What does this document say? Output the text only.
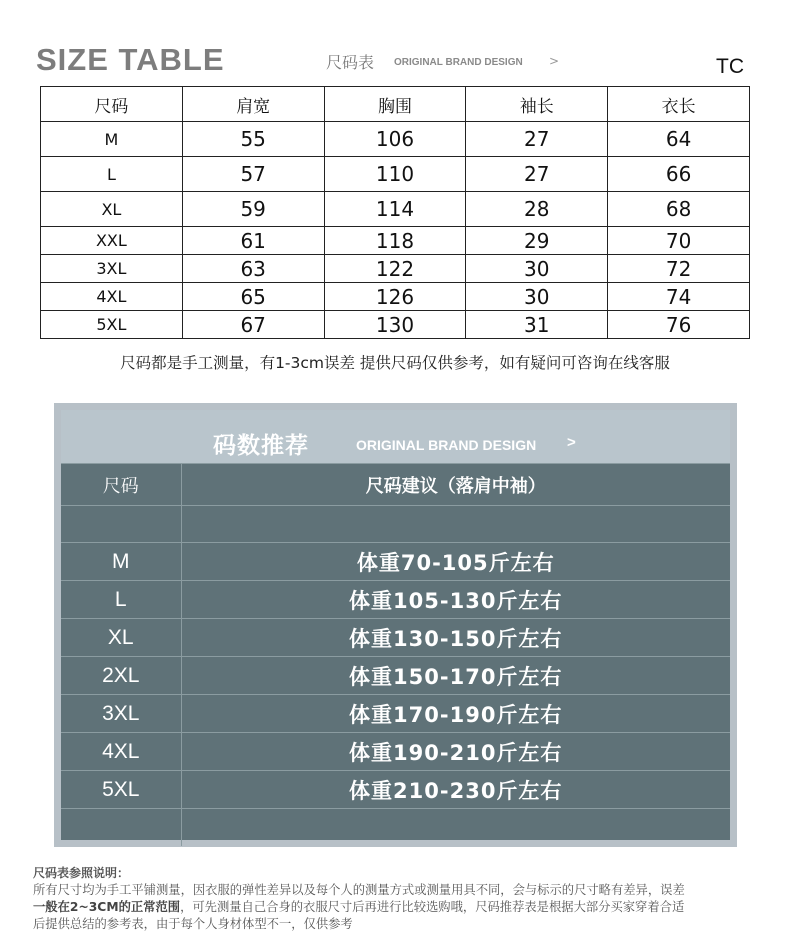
SIZE TABLE	尺码表 ORIGINAL BRAND DESIGN >	TC
尺码	肩宽	胸围	袖长	衣长
M	55	106	27	64
L	57	110	27	66
XL	59	114	28	68
XXL	61	118	29	70
3XL	63	122	30	72
4XL	65	126	30	74
5XL	67	130	31	76
尺码都是手工测量，有1-3cm误差 提供尺码仅供参考，如有疑问可咨询在线客服
码数推荐	ORIGINAL BRAND DESIGN >
尺码	尺码建议（落肩中袖）

M	体重70-105斤左右
L	体重105-130斤左右
XL	体重130-150斤左右
2XL	体重150-170斤左右
3XL	体重170-190斤左右
4XL	体重190-210斤左右
5XL	体重210-230斤左右

尺码表参照说明：
所有尺寸均为手工平铺测量，因衣服的弹性差异以及每个人的测量方式或测量用具不同，会与标示的尺寸略有差异，误差
一般在2~3CM的正常范围，可先测量自己合身的衣服尺寸后再进行比较选购哦，尺码推荐表是根据大部分买家穿着合适
后提供总结的参考表，由于每个人身材体型不一，仅供参考
